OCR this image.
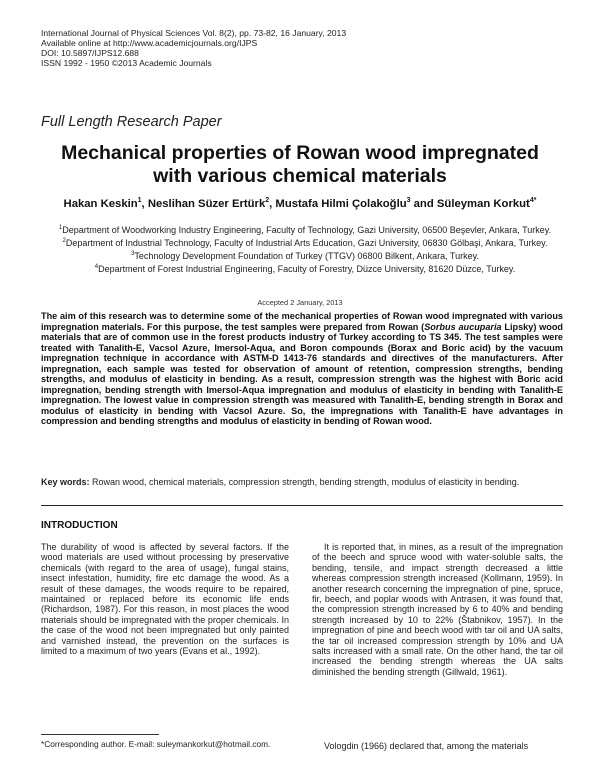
International Journal of Physical Sciences Vol. 8(2), pp. 73-82, 16 January, 2013
Available online at http://www.academicjournals.org/IJPS
DOI: 10.5897/IJPS12.688
ISSN 1992 - 1950 ©2013 Academic Journals
Full Length Research Paper
Mechanical properties of Rowan wood impregnated with various chemical materials
Hakan Keskin$^1$, Neslihan Süzer Ertürk$^2$, Mustafa Hilmi Çolakoğlu$^3$ and Süleyman Korkut$^{4*}$
$^1$Department of Woodworking Industry Engineering, Faculty of Technology, Gazi University, 06500 Beşevler, Ankara, Turkey.
$^2$Department of Industrial Technology, Faculty of Industrial Arts Education, Gazi University, 06830 Gölbaşi, Ankara, Turkey.
$^3$Technology Development Foundation of Turkey (TTGV) 06800 Bilkent, Ankara, Turkey.
$^4$Department of Forest Industrial Engineering, Faculty of Forestry, Düzce University, 81620 Düzce, Turkey.
Accepted 2 January, 2013
The aim of this research was to determine some of the mechanical properties of Rowan wood impregnated with various impregnation materials. For this purpose, the test samples were prepared from Rowan (Sorbus aucuparia Lipsky) wood materials that are of common use in the forest products industry of Turkey according to TS 345. The test samples were treated with Tanalith-E, Vacsol Azure, Imersol-Aqua, and Boron compounds (Borax and Boric acid) by the vacuum impregnation technique in accordance with ASTM-D 1413-76 standards and directives of the manufacturers. After impregnation, each sample was tested for observation of amount of retention, compression strengths, bending strengths, and modulus of elasticity in bending. As a result, compression strength was the highest with Boric acid impregnation, bending strength with Imersol-Aqua impregnation and modulus of elasticity in bending with Tanalith-E impregnation. The lowest value in compression strength was measured with Tanalith-E, bending strength in Borax and modulus of elasticity in bending with Vacsol Azure. So, the impregnations with Tanalith-E have advantages in compression and bending strengths and modulus of elasticity in bending of Rowan wood.
Key words: Rowan wood, chemical materials, compression strength, bending strength, modulus of elasticity in bending.
INTRODUCTION

The durability of wood is affected by several factors. If the wood materials are used without processing by preservative chemicals (with regard to the area of usage), fungal stains, insect infestation, humidity, fire etc damage the wood. As a result of these damages, the woods require to be repaired, maintained or replaced before its economic life ends (Richardson, 1987). For this reason, in most places the wood materials should be impregnated with the proper chemicals. In the case of the wood not been impregnated but only painted and varnished instead, the prevention on the surfaces is limited to a maximum of two years (Evans et al., 1992).

It is reported that, in mines, as a result of the impregnation of the beech and spruce wood with water-soluble salts, the bending, tensile, and impact strength decreased a little whereas compression strength increased (Kollmann, 1959). In another research concerning the impregnation of pine, spruce, fir, beech, and poplar woods with Antrasen, it was found that, the compression strength increased by 6 to 40% and bending strength increased by 10 to 22% (Štabnikov, 1957). In the impregnation of pine and beech wood with tar oil and UA salts, the tar oil increased compression strength by 10% and UA salts increased with a small rate. On the other hand, the tar oil increased the bending strength whereas the UA salts diminished the bending strength (Gillwald, 1961).

Vologdin (1966) declared that, among the materials
*Corresponding author. E-mail: suleymankorkut@hotmail.com.
